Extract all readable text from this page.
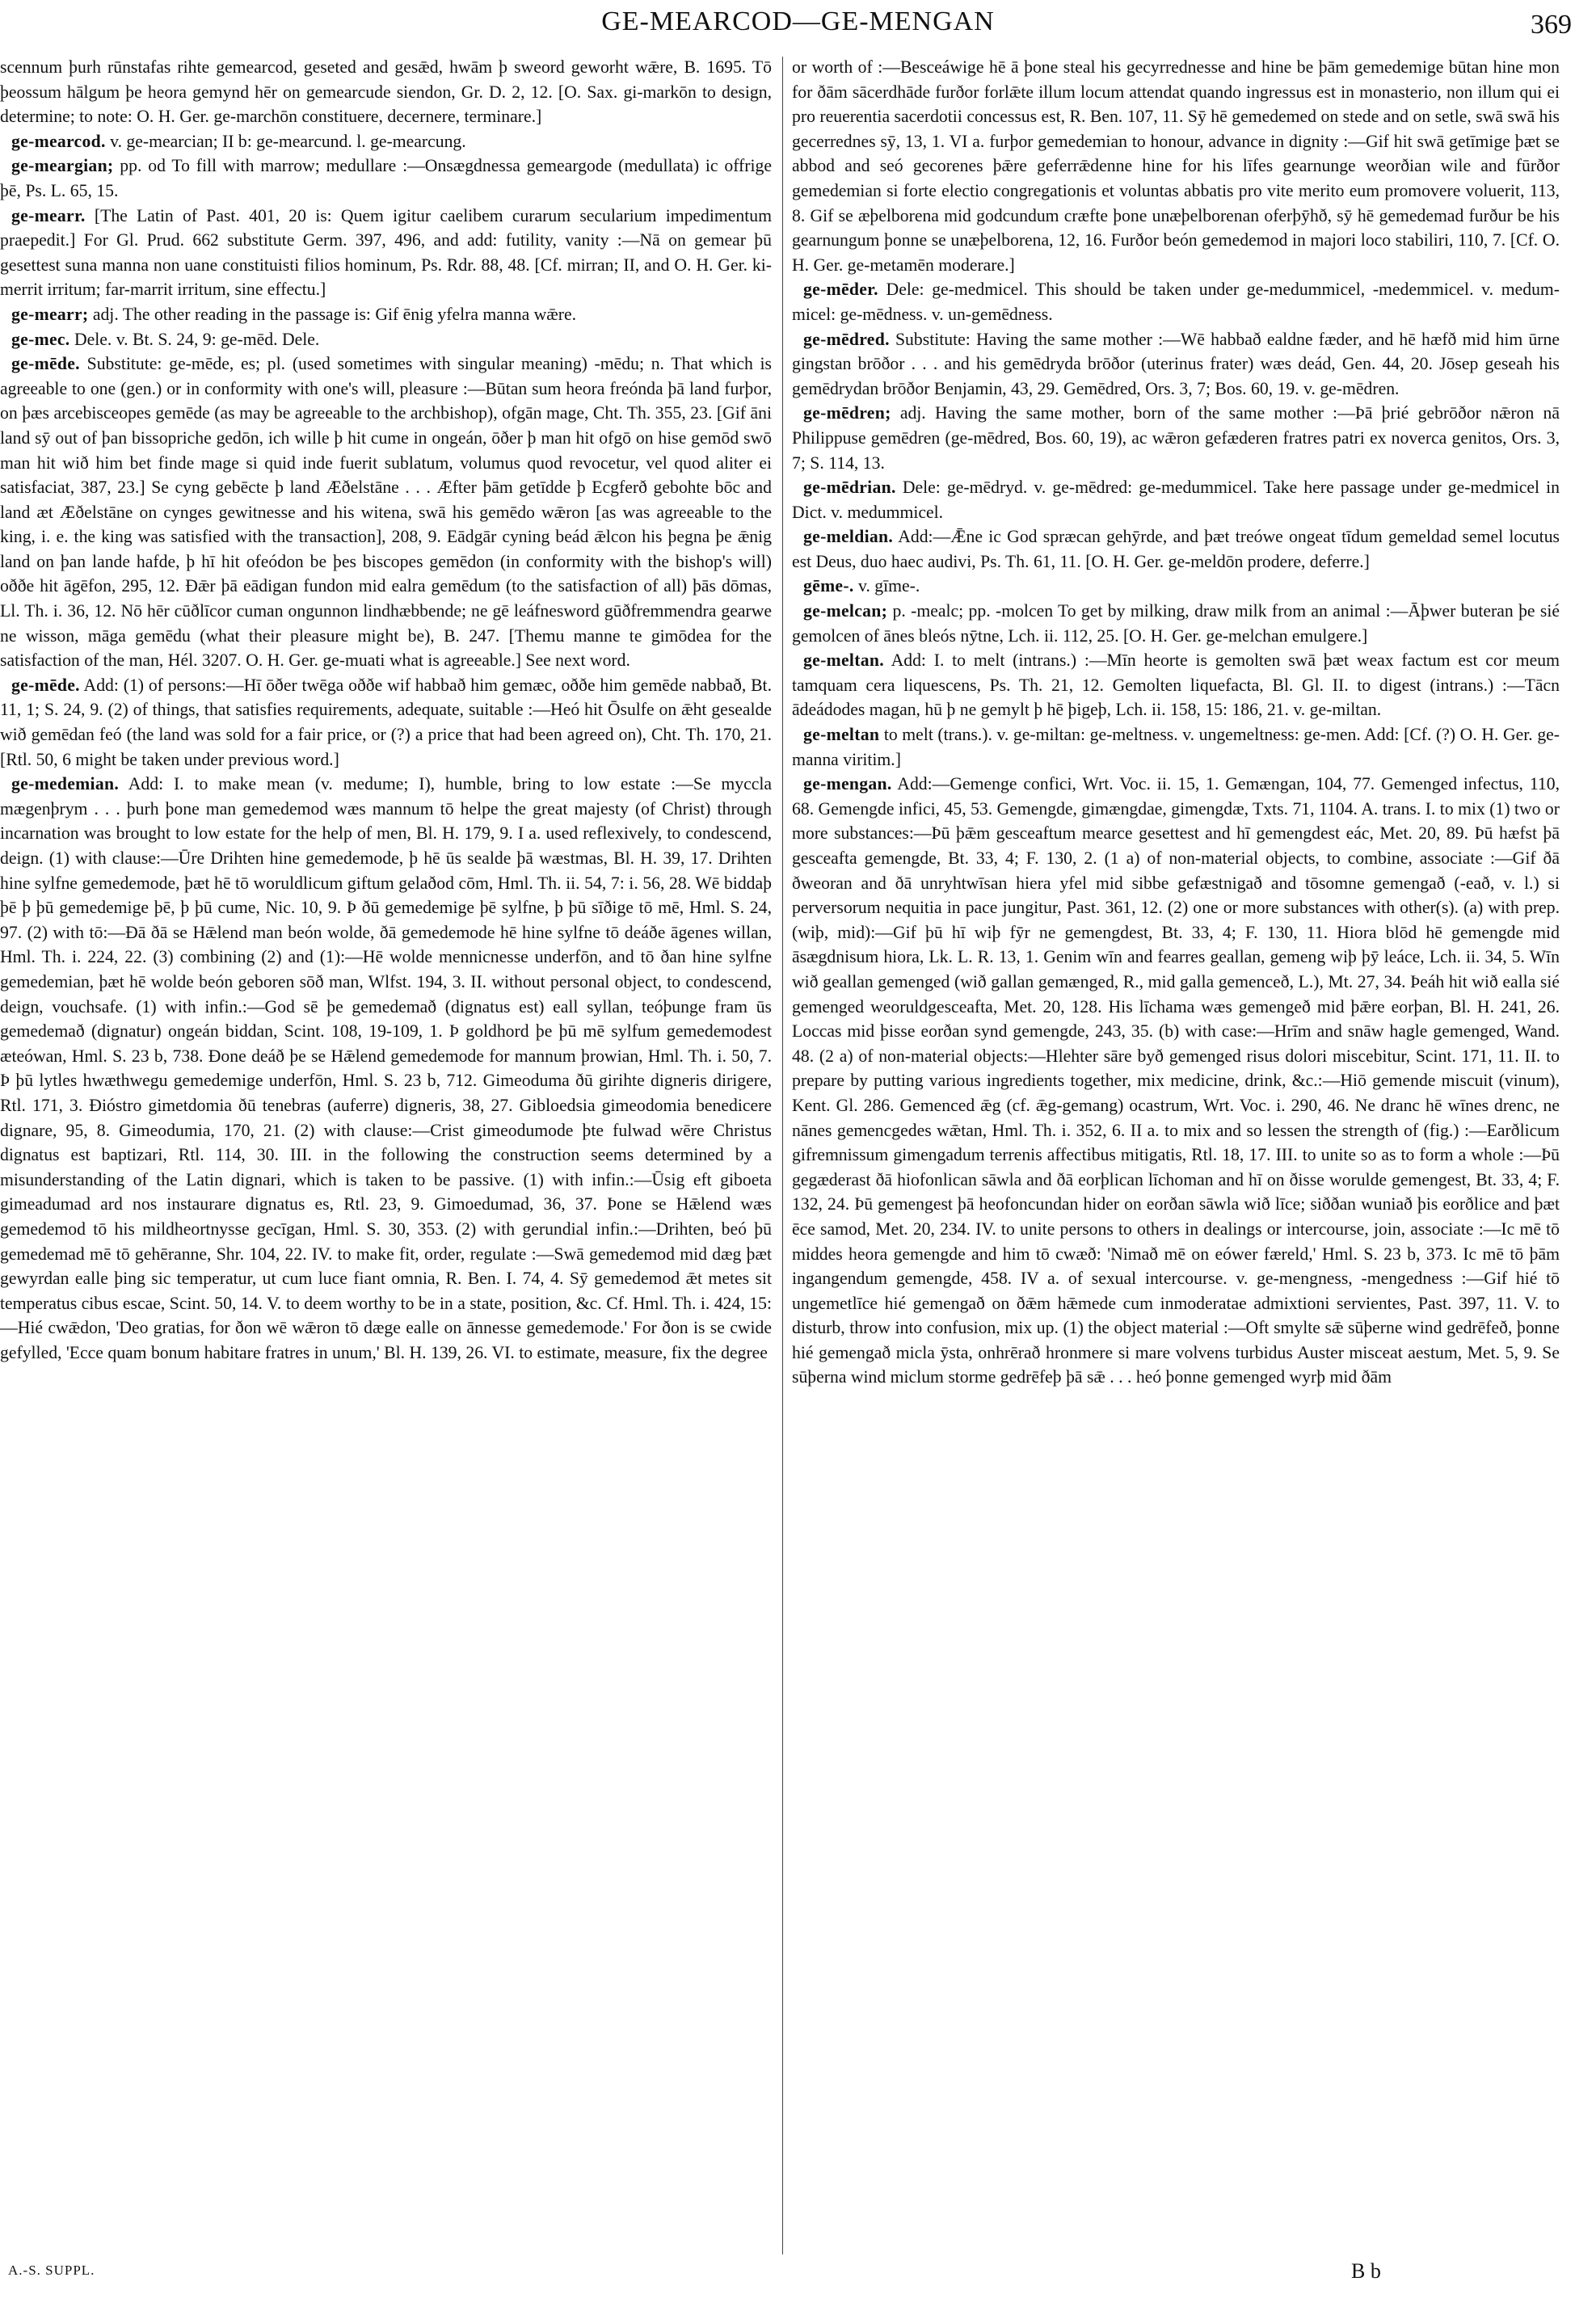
GE-MEARCOD—GE-MENGAN	369

scennum þurh rūnstafas rihte gemearcod, geseted and gesǣd, hwām þ sweord geworht wǣre, B. 1695. Tō þeossum hālgum þe heora gemynd hēr on gemearcude siendon, Gr. D. 2, 12. [O. Sax. gi-markōn to design, determine; to note: O. H. Ger. ge-marchōn constituere, decernere, terminare.]

ge-mearcod. v. ge-mearcian; II b: ge-mearcund. l. ge-mearcung.

ge-meargian; pp. od To fill with marrow; medullare :—Onsægdnessa gemeargode (medullata) ic offrige þē, Ps. L. 65, 15.

ge-mearr. [The Latin of Past. 401, 20 is: Quem igitur caelibem curarum secularium impedimentum praepedit.] For Gl. Prud. 662 substitute Germ. 397, 496, and add: futility, vanity :—Nā on gemear þū gesettest suna manna non uane constituisti filios hominum, Ps. Rdr. 88, 48. [Cf. mirran; II, and O. H. Ger. ki-merrit irritum; far-marrit irritum, sine effectu.]

ge-mearr; adj. The other reading in the passage is: Gif ēnig yfelra manna wǣre.

ge-mec. Dele. v. Bt. S. 24, 9: ge-mēd. Dele.

ge-mēde. Substitute: ge-mēde, es; pl. (used sometimes with singular meaning) -mēdu; n. That which is agreeable to one (gen.) or in conformity with one's will, pleasure :—Būtan sum heora freónda þā land furþor, on þæs arcebisceopes gemēde (as may be agreeable to the archbishop), ofgān mage, Cht. Th. 355, 23. [Gif āni land sȳ out of þan bissopriche gedōn, ich wille þ hit cume in ongeán, ōðer þ man hit ofgō on hise gemōd swō man hit wið him bet finde mage si quid inde fuerit sublatum, volumus quod revocetur, vel quod aliter ei satisfaciat, 387, 23.] Se cyng gebēcte þ land Æðelstāne . . . Æfter þām getīdde þ Ecgferð gebohte bōc and land æt Æðelstāne on cynges gewitnesse and his witena, swā his gemēdo wǣron [as was agreeable to the king, i. e. the king was satisfied with the transaction], 208, 9. Eādgār cyning beád ǣlcon his þegna þe ǣnig land on þan lande hafde, þ hī hit ofeódon be þes biscopes gemēdon (in conformity with the bishop's will) oððe hit āgēfon, 295, 12. Ðǣr þā eādigan fundon mid ealra gemēdum (to the satisfaction of all) þās dōmas, Ll. Th. i. 36, 12. Nō hēr cūðlīcor cuman ongunnon lindhæbbende; ne gē leáfnesword gūðfremmendra gearwe ne wisson, māga gemēdu (what their pleasure might be), B. 247. [Themu manne te gimōdea for the satisfaction of the man, Hél. 3207. O. H. Ger. ge-muati what is agreeable.] See next word.

ge-mēde. Add: (1) of persons:—Hī ōðer twēga oððe wif habbað him gemæc, oððe him gemēde nabbað, Bt. 11, 1; S. 24, 9. (2) of things, that satisfies requirements, adequate, suitable :—Heó hit Ōsulfe on ǣht gesealde wið gemēdan feó (the land was sold for a fair price, or (?) a price that had been agreed on), Cht. Th. 170, 21. [Rtl. 50, 6 might be taken under previous word.]

ge-medemian. Add: I. to make mean (v. medume; I), humble, bring to low estate :—Se myccla mægenþrym . . . þurh þone man gemedemod wæs mannum tō helpe the great majesty (of Christ) through incarnation was brought to low estate for the help of men, Bl. H. 179, 9. I a. used reflexively, to condescend, deign. (1) with clause:—Ūre Drihten hine gemedemode, þ hē ūs sealde þā wæstmas, Bl. H. 39, 17. Drihten hine sylfne gemedemode, þæt hē tō woruldlicum giftum gelaðod cōm, Hml. Th. ii. 54, 7: i. 56, 28. Wē biddaþ þē þ þū gemedemige þē, þ þū cume, Nic. 10, 9. Þ ðū gemedemige þē sylfne, þ þū sīðige tō mē, Hml. S. 24, 97. (2) with tō:—Ðā ðā se Hǣlend man beón wolde, ðā gemedemode hē hine sylfne tō deáðe āgenes willan, Hml. Th. i. 224, 22. (3) combining (2) and (1):—Hē wolde mennicnesse underfōn, and tō ðan hine sylfne gemedemian, þæt hē wolde beón geboren sōð man, Wlfst. 194, 3. II. without personal object, to condescend, deign, vouchsafe. (1) with infin.:—God sē þe gemedemað (dignatus est) eall syllan, teóþunge fram ūs gemedemað (dignatur) ongeán biddan, Scint. 108, 19-109, 1. Þ goldhord þe þū mē sylfum gemedemodest æteówan, Hml. S. 23 b, 738. Ðone deáð þe se Hǣlend gemedemode for mannum þrowian, Hml. Th. i. 50, 7. Þ þū lytles hwæthwegu gemedemige underfōn, Hml. S. 23 b, 712. Gimeoduma ðū girihte digneris dirigere, Rtl. 171, 3. Ðióstro gimetdomia ðū tenebras (auferre) digneris, 38, 27. Gibloedsia gimeodomia benedicere dignare, 95, 8. Gimeodumia, 170, 21. (2) with clause:—Crist gimeodumode þte fulwad wēre Christus dignatus est baptizari, Rtl. 114, 30. III. in the following the construction seems determined by a misunderstanding of the Latin dignari, which is taken to be passive. (1) with infin.:—Ūsig eft giboeta gimeadumad ard nos instaurare dignatus es, Rtl. 23, 9. Gimoedumad, 36, 37. Þone se Hǣlend wæs gemedemod tō his mildheortnysse gecīgan, Hml. S. 30, 353. (2) with gerundial infin.:—Drihten, beó þū gemedemad mē tō gehēranne, Shr. 104, 22. IV. to make fit, order, regulate :—Swā gemedemod mid dæg þæt gewyrdan ealle þing sic temperatur, ut cum luce fiant omnia, R. Ben. I. 74, 4. Sȳ gemedemod ǣt metes sit temperatus cibus escae, Scint. 50, 14. V. to deem worthy to be in a state, position, &c. Cf. Hml. Th. i. 424, 15:—Hié cwǣdon, 'Deo gratias, for ðon wē wǣron tō dæge ealle on ānnesse gemedemode.' For ðon is se cwide gefylled, 'Ecce quam bonum habitare fratres in unum,' Bl. H. 139, 26. VI. to estimate, measure, fix the degree

or worth of :—Besceáwige hē ā þone steal his gecyrrednesse and hine be þām gemedemige būtan hine mon for ðām sācerdhāde furðor forlǣte illum locum attendat quando ingressus est in monasterio, non illum qui ei pro reuerentia sacerdotii concessus est, R. Ben. 107, 11. Sȳ hē gemedemed on stede and on setle, swā swā his gecerrednes sȳ, 13, 1. VI a. furþor gemedemian to honour, advance in dignity :—Gif hit swā getīmige þæt se abbod and seó gecorenes þǣre geferrǣdenne hine for his līfes gearnunge weorðian wile and fūrðor gemedemian si forte electio congregationis et voluntas abbatis pro vite merito eum promovere voluerit, 113, 8. Gif se æþelborena mid godcundum cræfte þone unæþelborenan oferþȳhð, sȳ hē gemedemad furður be his gearnungum þonne se unæþelborena, 12, 16. Furðor beón gemedemod in majori loco stabiliri, 110, 7. [Cf. O. H. Ger. ge-metamēn moderare.]

ge-mēder. Dele: ge-medmicel. This should be taken under ge-medummicel, -medemmicel. v. medum-micel: ge-mēdness. v. un-gemēdness.

ge-mēdred. Substitute: Having the same mother :—Wē habbað ealdne fæder, and hē hæfð mid him ūrne gingstan brōðor . . . and his gemēdryda brōðor (uterinus frater) wæs deád, Gen. 44, 20. Jōsep geseah his gemēdrydan brōðor Benjamin, 43, 29. Gemēdred, Ors. 3, 7; Bos. 60, 19. v. ge-mēdren.

ge-mēdren; adj. Having the same mother, born of the same mother :—Þā þrié gebrōðor nǣron nā Philippuse gemēdren (ge-mēdred, Bos. 60, 19), ac wǣron gefæderen fratres patri ex noverca genitos, Ors. 3, 7; S. 114, 13.

ge-mēdrian. Dele: ge-mēdryd. v. ge-mēdred: ge-medummicel. Take here passage under ge-medmicel in Dict. v. medummicel.

ge-meldian. Add:—Ǣne ic God spræcan gehȳrde, and þæt treówe ongeat tīdum gemeldad semel locutus est Deus, duo haec audivi, Ps. Th. 61, 11. [O. H. Ger. ge-meldōn prodere, deferre.]

gēme-. v. gīme-.

ge-melcan; p. -mealc; pp. -molcen To get by milking, draw milk from an animal :—Āþwer buteran þe sié gemolcen of ānes bleós nȳtne, Lch. ii. 112, 25. [O. H. Ger. ge-melchan emulgere.]

ge-meltan. Add: I. to melt (intrans.) :—Mīn heorte is gemolten swā þæt weax factum est cor meum tamquam cera liquescens, Ps. Th. 21, 12. Gemolten liquefacta, Bl. Gl. II. to digest (intrans.) :—Tācn ādeádodes magan, hū þ ne gemylt þ hē þigeþ, Lch. ii. 158, 15: 186, 21. v. ge-miltan.

ge-meltan to melt (trans.). v. ge-miltan: ge-meltness. v. ungemeltness: ge-men. Add: [Cf. (?) O. H. Ger. ge-manna viritim.]

ge-mengan. Add:—Gemenge confici, Wrt. Voc. ii. 15, 1. Gemængan, 104, 77. Gemenged infectus, 110, 68. Gemengde infici, 45, 53. Gemengde, gimængdae, gimengdæ, Txts. 71, 1104. A. trans. I. to mix (1) two or more substances:—Þū þǣm gesceaftum mearce gesettest and hī gemengdest eác, Met. 20, 89. Þū hæfst þā gesceafta gemengde, Bt. 33, 4; F. 130, 2. (1 a) of non-material objects, to combine, associate :—Gif ðā ðweoran and ðā unryhtwīsan hiera yfel mid sibbe gefæstnigað and tōsomne gemengað (-eað, v. l.) si perversorum nequitia in pace jungitur, Past. 361, 12. (2) one or more substances with other(s). (a) with prep. (wiþ, mid):—Gif þū hī wiþ fȳr ne gemengdest, Bt. 33, 4; F. 130, 11. Hiora blōd hē gemengde mid āsægdnisum hiora, Lk. L. R. 13, 1. Genim wīn and fearres geallan, gemeng wiþ þȳ leáce, Lch. ii. 34, 5. Wīn wið geallan gemenged (wið gallan gemænged, R., mid galla gemenceð, L.), Mt. 27, 34. Þeáh hit wið ealla sié gemenged weoruldgesceafta, Met. 20, 128. His līchama wæs gemengeð mid þǣre eorþan, Bl. H. 241, 26. Loccas mid þisse eorðan synd gemengde, 243, 35. (b) with case:—Hrīm and snāw hagle gemenged, Wand. 48. (2 a) of non-material objects:—Hlehter sāre byð gemenged risus dolori miscebitur, Scint. 171, 11. II. to prepare by putting various ingredients together, mix medicine, drink, &c.:—Hiō gemende miscuit (vinum), Kent. Gl. 286. Gemenced ǣg (cf. ǣg-gemang) ocastrum, Wrt. Voc. i. 290, 46. Ne dranc hē wīnes drenc, ne nānes gemencgedes wǣtan, Hml. Th. i. 352, 6. II a. to mix and so lessen the strength of (fig.) :—Earðlicum gifremnissum gimengadum terrenis affectibus mitigatis, Rtl. 18, 17. III. to unite so as to form a whole :—Þū gegæderast ðā hiofonlican sāwla and ðā eorþlican līchoman and hī on ðisse worulde gemengest, Bt. 33, 4; F. 132, 24. Þū gemengest þā heofoncundan hider on eorðan sāwla wið līce; siððan wuniað þis eorðlice and þæt ēce samod, Met. 20, 234. IV. to unite persons to others in dealings or intercourse, join, associate :—Ic mē tō middes heora gemengde and him tō cwæð: 'Nimað mē on eówer færeld,' Hml. S. 23 b, 373. Ic mē tō þām ingangendum gemengde, 458. IV a. of sexual intercourse. v. ge-mengness, -mengedness :—Gif hié tō ungemetlīce hié gemengað on ðǣm hǣmede cum inmoderatae admixtioni servientes, Past. 397, 11. V. to disturb, throw into confusion, mix up. (1) the object material :—Oft smylte sǣ sūþerne wind gedrēfeð, þonne hié gemengað micla ȳsta, onhrērað hronmere si mare volvens turbidus Auster misceat aestum, Met. 5, 9. Se sūþerna wind miclum storme gedrēfeþ þā sǣ . . . heó þonne gemenged wyrþ mid ðām

A.-S. SUPPL.	B b
